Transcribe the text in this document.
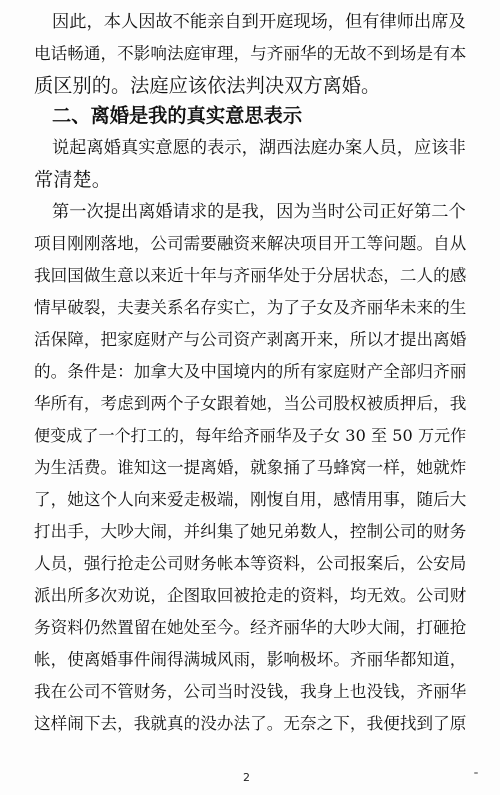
因此，本人因故不能亲自到开庭现场，但有律师出席及
电话畅通，不影响法庭审理，与齐丽华的无故不到场是有本
质区别的。法庭应该依法判决双方离婚。
二、离婚是我的真实意思表示
说起离婚真实意愿的表示，湖西法庭办案人员，应该非
常清楚。
第一次提出离婚请求的是我，因为当时公司正好第二个
项目刚刚落地，公司需要融资来解决项目开工等问题。自从
我回国做生意以来近十年与齐丽华处于分居状态，二人的感
情早破裂，夫妻关系名存实亡，为了子女及齐丽华未来的生
活保障，把家庭财产与公司资产剥离开来，所以才提出离婚
的。条件是：加拿大及中国境内的所有家庭财产全部归齐丽
华所有，考虑到两个子女跟着她，当公司股权被质押后，我
便变成了一个打工的，每年给齐丽华及子女 30 至 50 万元作
为生活费。谁知这一提离婚，就象捅了马蜂窝一样，她就炸
了，她这个人向来爱走极端，刚愎自用，感情用事，随后大
打出手，大吵大闹，并纠集了她兄弟数人，控制公司的财务
人员，强行抢走公司财务帐本等资料，公司报案后，公安局
派出所多次劝说，企图取回被抢走的资料，均无效。公司财
务资料仍然置留在她处至今。经齐丽华的大吵大闹，打砸抢
帐，使离婚事件闹得满城风雨，影响极坏。齐丽华都知道，
我在公司不管财务，公司当时没钱，我身上也没钱，齐丽华
这样闹下去，我就真的没办法了。无奈之下，我便找到了原
2
